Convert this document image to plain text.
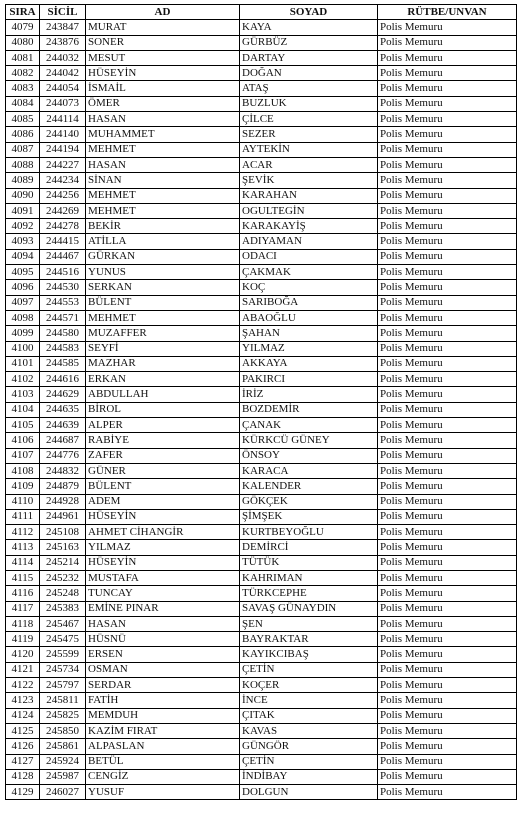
SIRA	SİCİL	AD	SOYAD	RÜTBE/UNVAN
4079	243847	MURAT	KAYA	Polis Memuru
4080	243876	SONER	GÜRBÜZ	Polis Memuru
4081	244032	MESUT	DARTAY	Polis Memuru
4082	244042	HÜSEYİN	DOĞAN	Polis Memuru
4083	244054	İSMAİL	ATAŞ	Polis Memuru
4084	244073	ÖMER	BUZLUK	Polis Memuru
4085	244114	HASAN	ÇİLCE	Polis Memuru
4086	244140	MUHAMMET	SEZER	Polis Memuru
4087	244194	MEHMET	AYTEKİN	Polis Memuru
4088	244227	HASAN	ACAR	Polis Memuru
4089	244234	SİNAN	ŞEVİK	Polis Memuru
4090	244256	MEHMET	KARAHAN	Polis Memuru
4091	244269	MEHMET	OGULTEGİN	Polis Memuru
4092	244278	BEKİR	KARAKAYİŞ	Polis Memuru
4093	244415	ATİLLA	ADIYAMAN	Polis Memuru
4094	244467	GÜRKAN	ODACI	Polis Memuru
4095	244516	YUNUS	ÇAKMAK	Polis Memuru
4096	244530	SERKAN	KOÇ	Polis Memuru
4097	244553	BÜLENT	SARIBOĞA	Polis Memuru
4098	244571	MEHMET	ABAOĞLU	Polis Memuru
4099	244580	MUZAFFER	ŞAHAN	Polis Memuru
4100	244583	SEYFİ	YILMAZ	Polis Memuru
4101	244585	MAZHAR	AKKAYA	Polis Memuru
4102	244616	ERKAN	PAKIRCI	Polis Memuru
4103	244629	ABDULLAH	İRİZ	Polis Memuru
4104	244635	BİROL	BOZDEMİR	Polis Memuru
4105	244639	ALPER	ÇANAK	Polis Memuru
4106	244687	RABİYE	KÜRKCÜ GÜNEY	Polis Memuru
4107	244776	ZAFER	ÖNSOY	Polis Memuru
4108	244832	GÜNER	KARACA	Polis Memuru
4109	244879	BÜLENT	KALENDER	Polis Memuru
4110	244928	ADEM	GÖKÇEK	Polis Memuru
4111	244961	HÜSEYİN	ŞİMŞEK	Polis Memuru
4112	245108	AHMET CİHANGİR	KURTBEYOĞLU	Polis Memuru
4113	245163	YILMAZ	DEMİRCİ	Polis Memuru
4114	245214	HÜSEYİN	TÜTÜK	Polis Memuru
4115	245232	MUSTAFA	KAHRIMAN	Polis Memuru
4116	245248	TUNCAY	TÜRKCEPHE	Polis Memuru
4117	245383	EMİNE PINAR	SAVAŞ GÜNAYDIN	Polis Memuru
4118	245467	HASAN	ŞEN	Polis Memuru
4119	245475	HÜSNÜ	BAYRAKTAR	Polis Memuru
4120	245599	ERSEN	KAYIKCIBAŞ	Polis Memuru
4121	245734	OSMAN	ÇETİN	Polis Memuru
4122	245797	SERDAR	KOÇER	Polis Memuru
4123	245811	FATİH	İNCE	Polis Memuru
4124	245825	MEMDUH	ÇITAK	Polis Memuru
4125	245850	KAZİM FIRAT	KAVAS	Polis Memuru
4126	245861	ALPASLAN	GÜNGÖR	Polis Memuru
4127	245924	BETÜL	ÇETİN	Polis Memuru
4128	245987	CENGİZ	İNDİBAY	Polis Memuru
4129	246027	YUSUF	DOLGUN	Polis Memuru
